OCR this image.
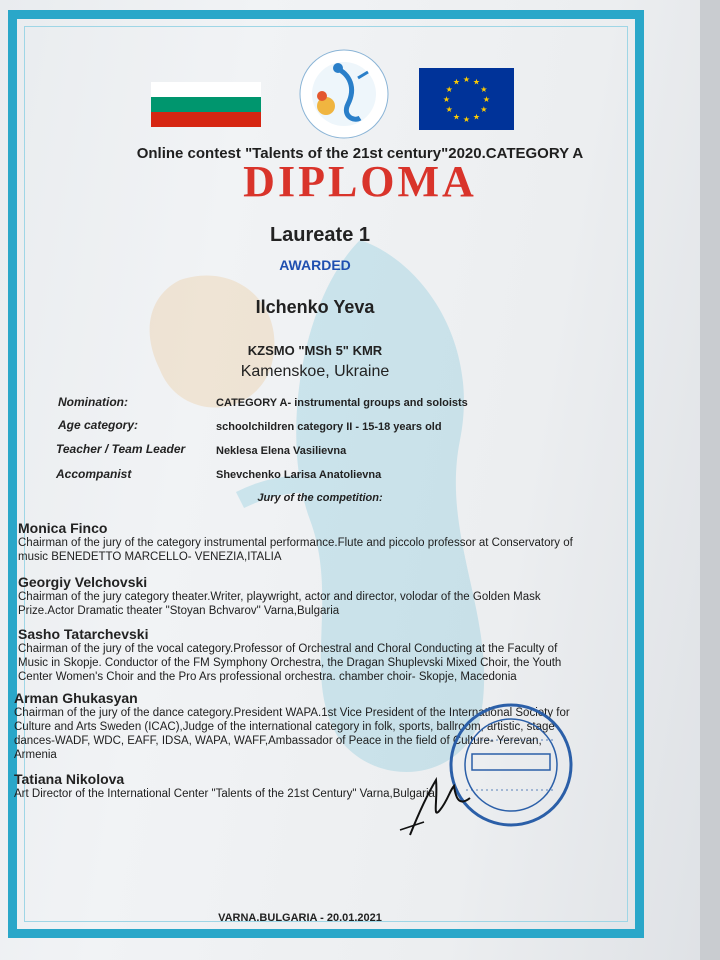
★ ★
★
★
★
★
★
★
★
★
★
★
Online contest "Talents of the 21st century"2020.CATEGORY A
DIPLOMA
Laureate 1
AWARDED
Ilchenko Yeva
KZSMO "MSh 5" KMR
Kamenskoe, Ukraine
Nomination:	CATEGORY A- instrumental groups and soloists
Age category:	schoolchildren category II - 15-18 years old
Teacher / Team Leader	Neklesa Elena Vasilievna
Accompanist	Shevchenko Larisa Anatolievna
Jury of the competition:
Monica Finco
Chairman of the jury of the category instrumental performance.Flute and piccolo professor at Conservatory of
music BENEDETTO MARCELLO- VENEZIA,ITALIA
Georgiy Velchovski
Chairman of the jury category theater.Writer, playwright, actor and director, volodar of the Golden Mask
Prize.Actor Dramatic theater "Stoyan Bchvarov" Varna,Bulgaria
Sasho Tatarchevski
Chairman of the jury of the vocal category.Professor of Orchestral and Choral Conducting at the Faculty of
Music in Skopje. Conductor of the FM Symphony Orchestra, the Dragan Shuplevski Mixed Choir, the Youth
Center Women's Choir and the Pro Ars professional orchestra. chamber choir- Skopje, Macedonia
Arman Ghukasyan
Chairman of the jury of the dance category.President WAPA.1st Vice President of the International Society for
Culture and Arts Sweden (ICAC),Judge of the international category in folk, sports, ballroom, artistic, stage
dances-WADF, WDC, EAFF, IDSA, WAPA, WAFF,Ambassador of Peace in the field of Culture- Yerevan,
Armenia
Tatiana Nikolova
Art Director of the International Center "Talents of the 21st Century" Varna,Bulgaria
VARNA.BULGARIA - 20.01.2021
